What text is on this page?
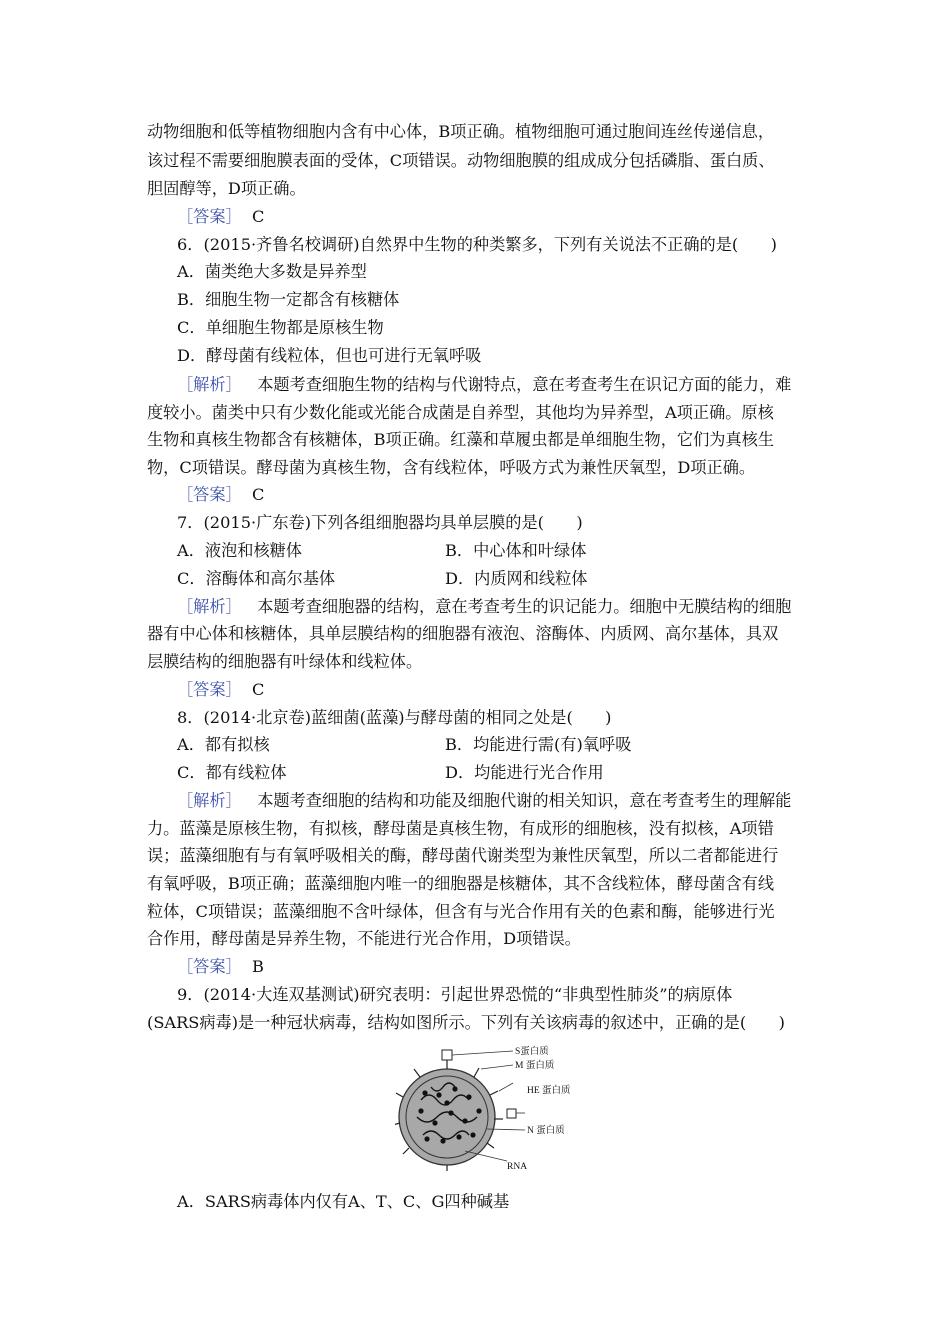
动物细胞和低等植物细胞内含有中心体，B项正确。植物细胞可通过胞间连丝传递信息，
该过程不需要细胞膜表面的受体，C项错误。动物细胞膜的组成成分包括磷脂、蛋白质、
胆固醇等，D项正确。
［答案］ C
6．(2015·齐鲁名校调研)自然界中生物的种类繁多，下列有关说法不正确的是(　　)
A．菌类绝大多数是异养型
B．细胞生物一定都含有核糖体
C．单细胞生物都是原核生物
D．酵母菌有线粒体，但也可进行无氧呼吸
［解析］ 本题考查细胞生物的结构与代谢特点，意在考查考生在识记方面的能力，难
度较小。菌类中只有少数化能或光能合成菌是自养型，其他均为异养型，A项正确。原核
生物和真核生物都含有核糖体，B项正确。红藻和草履虫都是单细胞生物，它们为真核生
物，C项错误。酵母菌为真核生物，含有线粒体，呼吸方式为兼性厌氧型，D项正确。
［答案］ C
7．(2015·广东卷)下列各组细胞器均具单层膜的是(　　)
A．液泡和核糖体	B．中心体和叶绿体
C．溶酶体和高尔基体	D．内质网和线粒体
［解析］ 本题考查细胞器的结构，意在考查考生的识记能力。细胞中无膜结构的细胞
器有中心体和核糖体，具单层膜结构的细胞器有液泡、溶酶体、内质网、高尔基体，具双
层膜结构的细胞器有叶绿体和线粒体。
［答案］ C
8．(2014·北京卷)蓝细菌(蓝藻)与酵母菌的相同之处是(　　)
A．都有拟核	B．均能进行需(有)氧呼吸
C．都有线粒体	D．均能进行光合作用
［解析］ 本题考查细胞的结构和功能及细胞代谢的相关知识，意在考查考生的理解能
力。蓝藻是原核生物，有拟核，酵母菌是真核生物，有成形的细胞核，没有拟核，A项错
误；蓝藻细胞有与有氧呼吸相关的酶，酵母菌代谢类型为兼性厌氧型，所以二者都能进行
有氧呼吸，B项正确；蓝藻细胞内唯一的细胞器是核糖体，其不含线粒体，酵母菌含有线
粒体，C项错误；蓝藻细胞不含叶绿体，但含有与光合作用有关的色素和酶，能够进行光
合作用，酵母菌是异养生物，不能进行光合作用，D项错误。
［答案］ B
9．(2014·大连双基测试)研究表明：引起世界恐慌的“非典型性肺炎”的病原体
(SARS病毒)是一种冠状病毒，结构如图所示。下列有关该病毒的叙述中，正确的是(　　)
S蛋白质
M 蛋白质
HE 蛋白质
N 蛋白质
RNA
A．SARS病毒体内仅有A、T、C、G四种碱基
